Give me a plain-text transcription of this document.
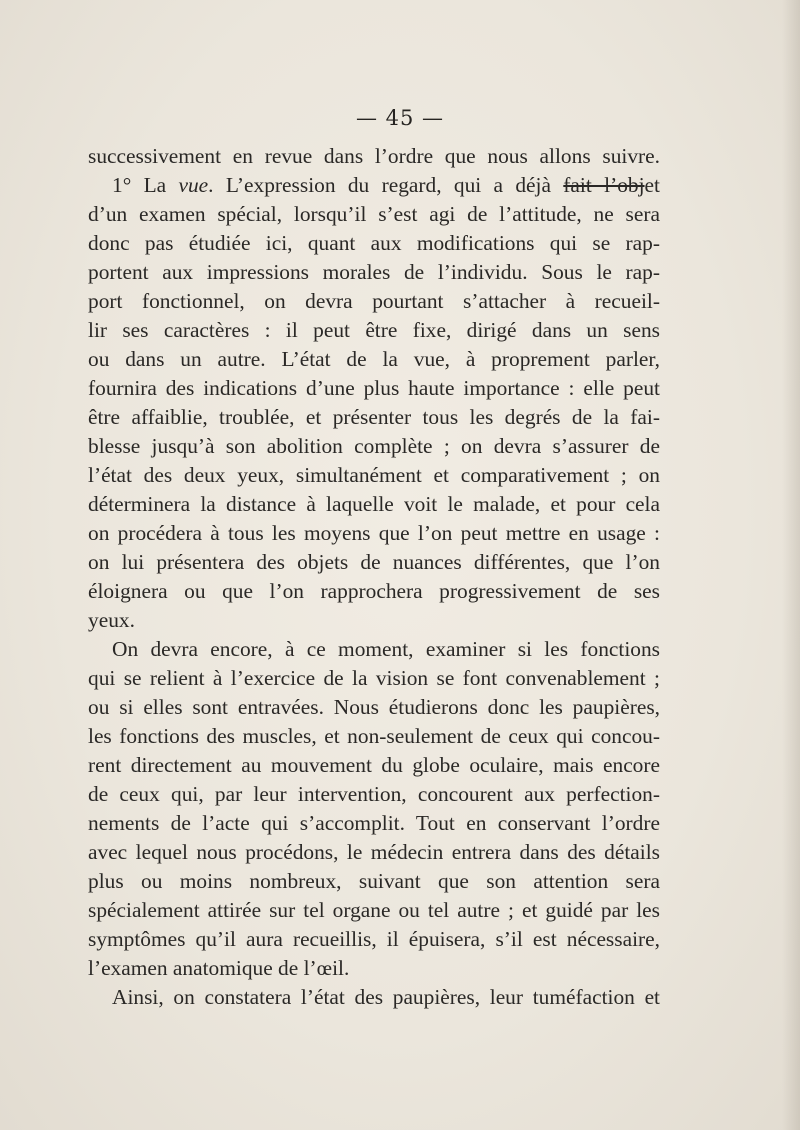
— 45 —
successivement en revue dans l’ordre que nous allons suivre.
1° La vue. L’expression du regard, qui a déjà fait l’objet
d’un examen spécial, lorsqu’il s’est agi de l’attitude, ne sera
donc pas étudiée ici, quant aux modifications qui se rap-
portent aux impressions morales de l’individu. Sous le rap-
port fonctionnel, on devra pourtant s’attacher à recueil-
lir ses caractères : il peut être fixe, dirigé dans un sens
ou dans un autre. L’état de la vue, à proprement parler,
fournira des indications d’une plus haute importance : elle peut
être affaiblie, troublée, et présenter tous les degrés de la fai-
blesse jusqu’à son abolition complète ; on devra s’assurer de
l’état des deux yeux, simultanément et comparativement ; on
déterminera la distance à laquelle voit le malade, et pour cela
on procédera à tous les moyens que l’on peut mettre en usage :
on lui présentera des objets de nuances différentes, que l’on
éloignera ou que l’on rapprochera progressivement de ses
yeux.
On devra encore, à ce moment, examiner si les fonctions
qui se relient à l’exercice de la vision se font convenablement ;
ou si elles sont entravées. Nous étudierons donc les paupières,
les fonctions des muscles, et non-seulement de ceux qui concou-
rent directement au mouvement du globe oculaire, mais encore
de ceux qui, par leur intervention, concourent aux perfection-
nements de l’acte qui s’accomplit. Tout en conservant l’ordre
avec lequel nous procédons, le médecin entrera dans des détails
plus ou moins nombreux, suivant que son attention sera
spécialement attirée sur tel organe ou tel autre ; et guidé par les
symptômes qu’il aura recueillis, il épuisera, s’il est nécessaire,
l’examen anatomique de l’œil.
Ainsi, on constatera l’état des paupières, leur tuméfaction et
